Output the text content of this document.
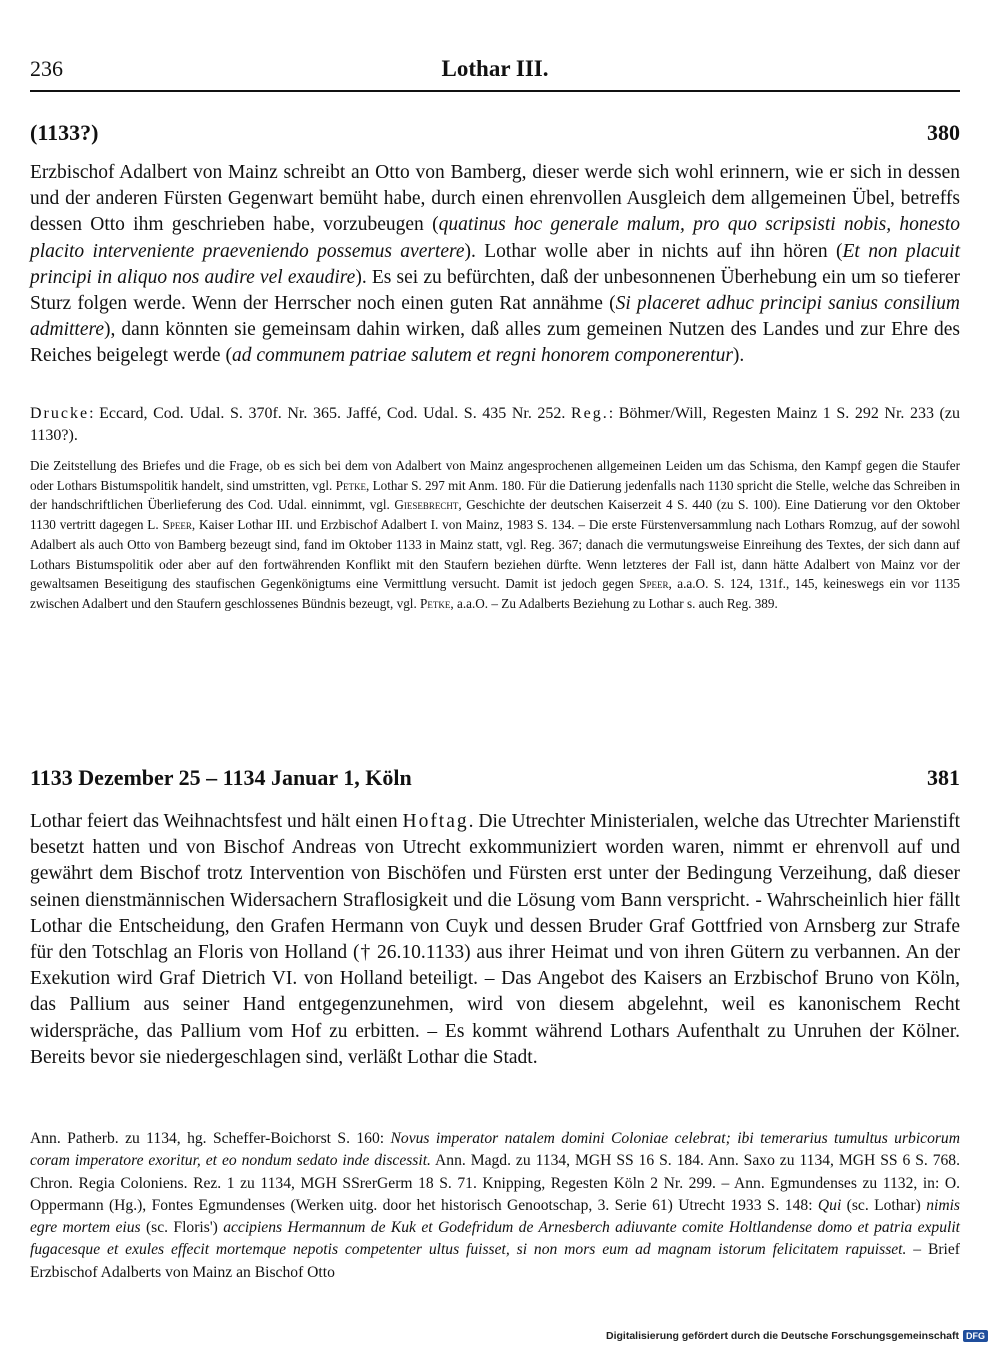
236	Lothar III.
(1133?)	380

Erzbischof Adalbert von Mainz schreibt an Otto von Bamberg, dieser werde sich wohl erinnern, wie er sich in dessen und der anderen Fürsten Gegenwart bemüht habe, durch einen ehrenvollen Ausgleich dem allgemeinen Übel, betreffs dessen Otto ihm geschrieben habe, vorzubeugen (quatinus hoc generale malum, pro quo scripsisti nobis, honesto placito interveniente praeveniendo possemus avertere). Lothar wolle aber in nichts auf ihn hören (Et non placuit principi in aliquo nos audire vel exaudire). Es sei zu befürchten, daß der unbesonnenen Überhebung ein um so tieferer Sturz folgen werde. Wenn der Herrscher noch einen guten Rat annähme (Si placeret adhuc principi sanius consilium admittere), dann könnten sie gemeinsam dahin wirken, daß alles zum gemeinen Nutzen des Landes und zur Ehre des Reiches beigelegt werde (ad communem patriae salutem et regni honorem componerentur).

Drucke: Eccard, Cod. Udal. S. 370f. Nr. 365. Jaffé, Cod. Udal. S. 435 Nr. 252. Reg.: Böhmer/Will, Regesten Mainz 1 S. 292 Nr. 233 (zu 1130?).

Die Zeitstellung des Briefes und die Frage, ob es sich bei dem von Adalbert von Mainz angesprochenen allgemeinen Leiden um das Schisma, den Kampf gegen die Staufer oder Lothars Bistumspolitik handelt, sind umstritten, vgl. Petke, Lothar S. 297 mit Anm. 180. Für die Datierung jedenfalls nach 1130 spricht die Stelle, welche das Schreiben in der handschriftlichen Überlieferung des Cod. Udal. einnimmt, vgl. Giesebrecht, Geschichte der deutschen Kaiserzeit 4 S. 440 (zu S. 100). Eine Datierung vor den Oktober 1130 vertritt dagegen L. Speer, Kaiser Lothar III. und Erzbischof Adalbert I. von Mainz, 1983 S. 134. – Die erste Fürstenversammlung nach Lothars Romzug, auf der sowohl Adalbert als auch Otto von Bamberg bezeugt sind, fand im Oktober 1133 in Mainz statt, vgl. Reg. 367; danach die vermutungsweise Einreihung des Textes, der sich dann auf Lothars Bistumspolitik oder aber auf den fortwährenden Konflikt mit den Staufern beziehen dürfte. Wenn letzteres der Fall ist, dann hätte Adalbert von Mainz vor der gewaltsamen Beseitigung des staufischen Gegenkönigtums eine Vermittlung versucht. Damit ist jedoch gegen Speer, a.a.O. S. 124, 131f., 145, keineswegs ein vor 1135 zwischen Adalbert und den Staufern geschlossenes Bündnis bezeugt, vgl. Petke, a.a.O. – Zu Adalberts Beziehung zu Lothar s. auch Reg. 389.

1133 Dezember 25 – 1134 Januar 1, Köln	381

Lothar feiert das Weihnachtsfest und hält einen Hoftag. Die Utrechter Ministerialen, welche das Utrechter Marienstift besetzt hatten und von Bischof Andreas von Utrecht exkommuniziert worden waren, nimmt er ehrenvoll auf und gewährt dem Bischof trotz Intervention von Bischöfen und Fürsten erst unter der Bedingung Verzeihung, daß dieser seinen dienstmännischen Widersachern Straflosigkeit und die Lösung vom Bann verspricht. - Wahrscheinlich hier fällt Lothar die Entscheidung, den Grafen Hermann von Cuyk und dessen Bruder Graf Gottfried von Arnsberg zur Strafe für den Totschlag an Floris von Holland († 26.10.1133) aus ihrer Heimat und von ihren Gütern zu verbannen. An der Exekution wird Graf Dietrich VI. von Holland beteiligt. – Das Angebot des Kaisers an Erzbischof Bruno von Köln, das Pallium aus seiner Hand entgegenzunehmen, wird von diesem abgelehnt, weil es kanonischem Recht widerspräche, das Pallium vom Hof zu erbitten. – Es kommt während Lothars Aufenthalt zu Unruhen der Kölner. Bereits bevor sie niedergeschlagen sind, verläßt Lothar die Stadt.

Ann. Patherb. zu 1134, hg. Scheffer-Boichorst S. 160: Novus imperator natalem domini Coloniae celebrat; ibi temerarius tumultus urbicorum coram imperatore exoritur, et eo nondum sedato inde discessit. Ann. Magd. zu 1134, MGH SS 16 S. 184. Ann. Saxo zu 1134, MGH SS 6 S. 768. Chron. Regia Coloniens. Rez. 1 zu 1134, MGH SSrerGerm 18 S. 71. Knipping, Regesten Köln 2 Nr. 299. – Ann. Egmundenses zu 1132, in: O. Oppermann (Hg.), Fontes Egmundenses (Werken uitg. door het historisch Genootschap, 3. Serie 61) Utrecht 1933 S. 148: Qui (sc. Lothar) nimis egre mortem eius (sc. Floris') accipiens Hermannum de Kuk et Godefridum de Arnesberch adiuvante comite Holtlandense domo et patria expulit fugacesque et exules effecit mortemque nepotis competenter ultus fuisset, si non mors eum ad magnam istorum felicitatem rapuisset. – Brief Erzbischof Adalberts von Mainz an Bischof Otto

Digitalisierung gefördert durch die Deutsche Forschungsgemeinschaft DFG
